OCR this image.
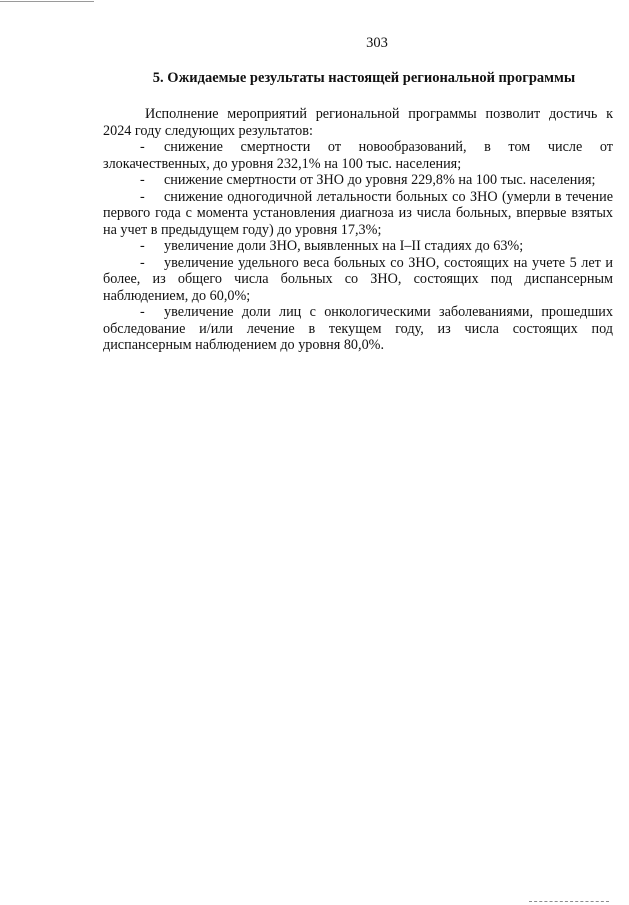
303
5. Ожидаемые результаты настоящей региональной программы

Исполнение мероприятий региональной программы позволит достичь к 2024 году следующих результатов:

- снижение смертности от новообразований, в том числе от злокачественных, до уровня 232,1% на 100 тыс. населения;

- снижение смертности от ЗНО до уровня 229,8% на 100 тыс. населения;

- снижение одногодичной летальности больных со ЗНО (умерли в течение первого года с момента установления диагноза из числа больных, впервые взятых на учет в предыдущем году) до уровня 17,3%;

- увеличение доли ЗНО, выявленных на I–II стадиях до 63%;

- увеличение удельного веса больных со ЗНО, состоящих на учете 5 лет и более, из общего числа больных со ЗНО, состоящих под диспансерным наблюдением, до 60,0%;

- увеличение доли лиц с онкологическими заболеваниями, прошедших обследование и/или лечение в текущем году, из числа состоящих под диспансерным наблюдением до уровня 80,0%.
